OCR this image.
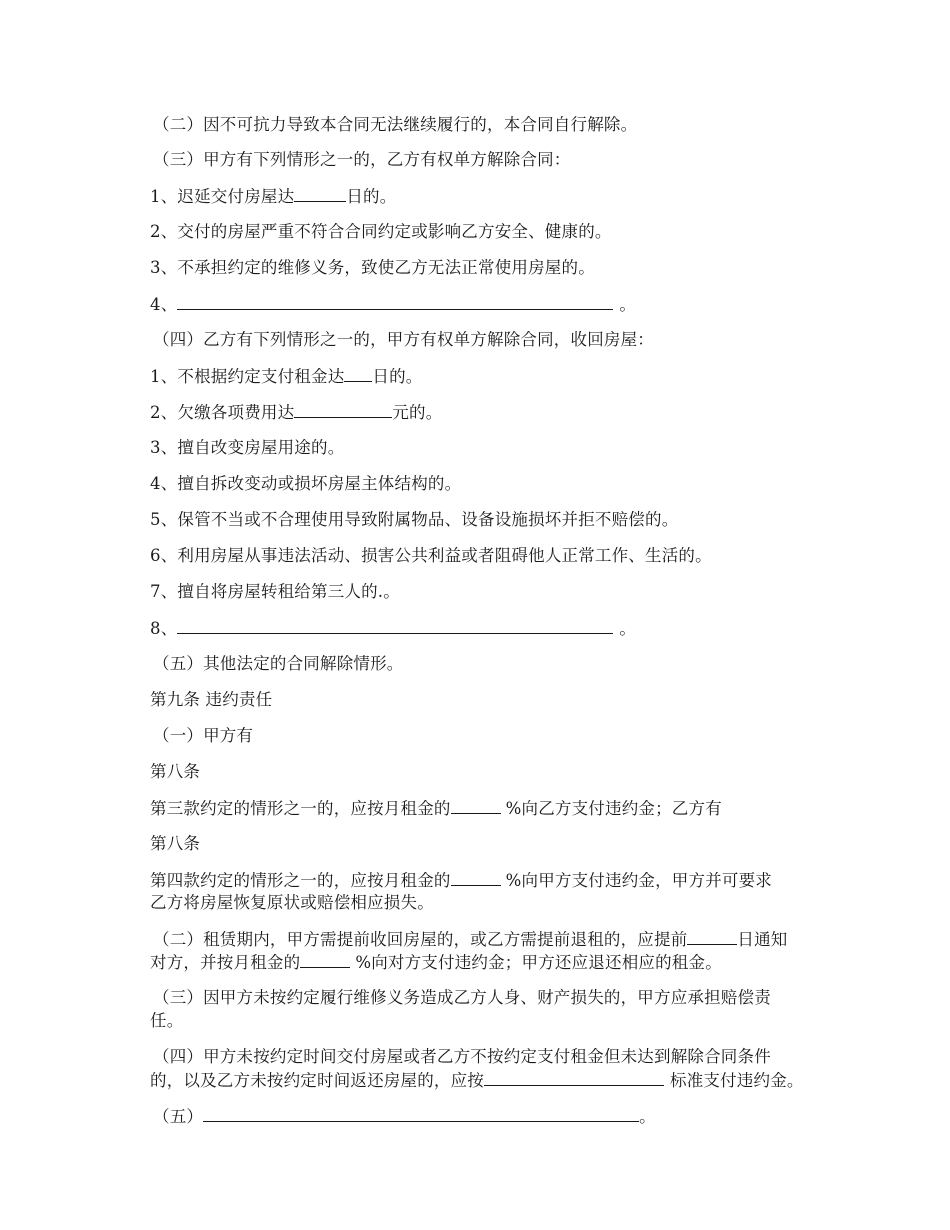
（二）因不可抗力导致本合同无法继续履行的，本合同自行解除。
（三）甲方有下列情形之一的，乙方有权单方解除合同：
1、迟延交付房屋达	日的。
2、交付的房屋严重不符合合同约定或影响乙方安全、健康的。
3、不承担约定的维修义务，致使乙方无法正常使用房屋的。
4、	。
（四）乙方有下列情形之一的，甲方有权单方解除合同，收回房屋：
1、不根据约定支付租金达 日的。
2、欠缴各项费用达	元的。
3、擅自改变房屋用途的。
4、擅自拆改变动或损坏房屋主体结构的。
5、保管不当或不合理使用导致附属物品、设备设施损坏并拒不赔偿的。
6、利用房屋从事违法活动、损害公共利益或者阻碍他人正常工作、生活的。
7、擅自将房屋转租给第三人的.。
8、	。
（五）其他法定的合同解除情形。
第九条 违约责任
（一）甲方有
第八条
第三款约定的情形之一的，应按月租金的	%向乙方支付违约金；乙方有
第八条
第四款约定的情形之一的，应按月租金的	%向甲方支付违约金，甲方并可要求
乙方将房屋恢复原状或赔偿相应损失。
（二）租赁期内，甲方需提前收回房屋的，或乙方需提前退租的，应提前	日通知
对方，并按月租金的	%向对方支付违约金；甲方还应退还相应的租金。
（三）因甲方未按约定履行维修义务造成乙方人身、财产损失的，甲方应承担赔偿责
任。
（四）甲方未按约定时间交付房屋或者乙方不按约定支付租金但未达到解除合同条件
的，以及乙方未按约定时间返还房屋的，应按	标准支付违约金。
（五）	。
